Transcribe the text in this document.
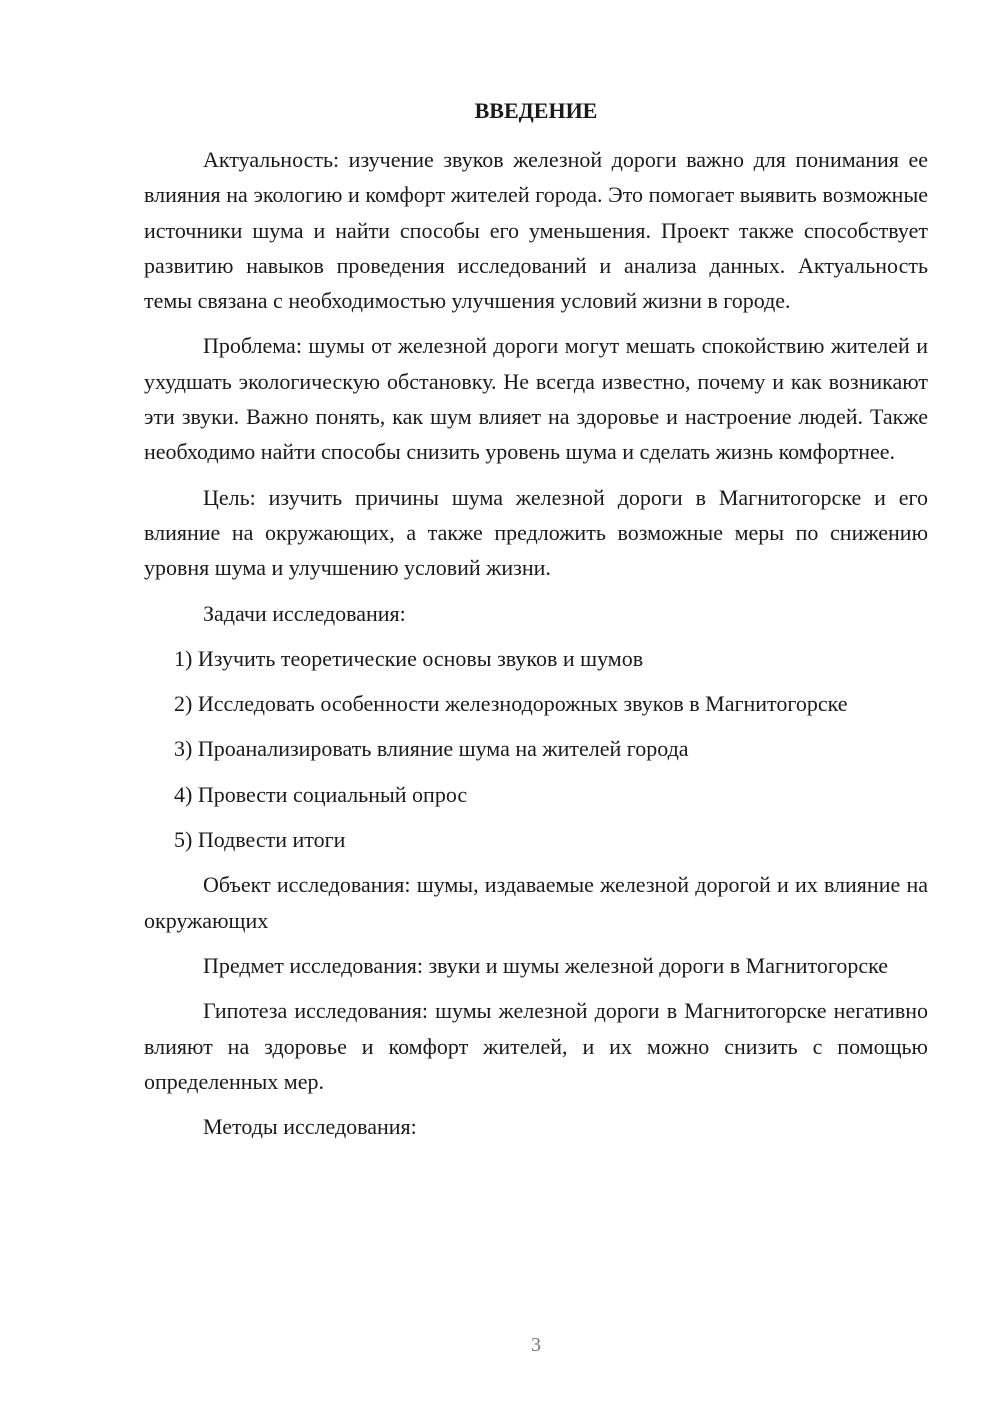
ВВЕДЕНИЕ

Актуальность: изучение звуков железной дороги важно для понимания ее влияния на экологию и комфорт жителей города. Это помогает выявить возможные источники шума и найти способы его уменьшения. Проект также способствует развитию навыков проведения исследований и анализа данных. Актуальность темы связана с необходимостью улучшения условий жизни в городе.

Проблема: шумы от железной дороги могут мешать спокойствию жителей и ухудшать экологическую обстановку. Не всегда известно, почему и как возникают эти звуки. Важно понять, как шум влияет на здоровье и настроение людей. Также необходимо найти способы снизить уровень шума и сделать жизнь комфортнее.

Цель: изучить причины шума железной дороги в Магнитогорске и его влияние на окружающих, а также предложить возможные меры по снижению уровня шума и улучшению условий жизни.

Задачи исследования:

1) Изучить теоретические основы звуков и шумов

2) Исследовать особенности железнодорожных звуков в Магнитогорске

3) Проанализировать влияние шума на жителей города

4) Провести социальный опрос

5) Подвести итоги

Объект исследования: шумы, издаваемые железной дорогой и их влияние на окружающих

Предмет исследования: звуки и шумы железной дороги в Магнитогорске

Гипотеза исследования: шумы железной дороги в Магнитогорске негативно влияют на здоровье и комфорт жителей, и их можно снизить с помощью определенных мер.

Методы исследования:

3
